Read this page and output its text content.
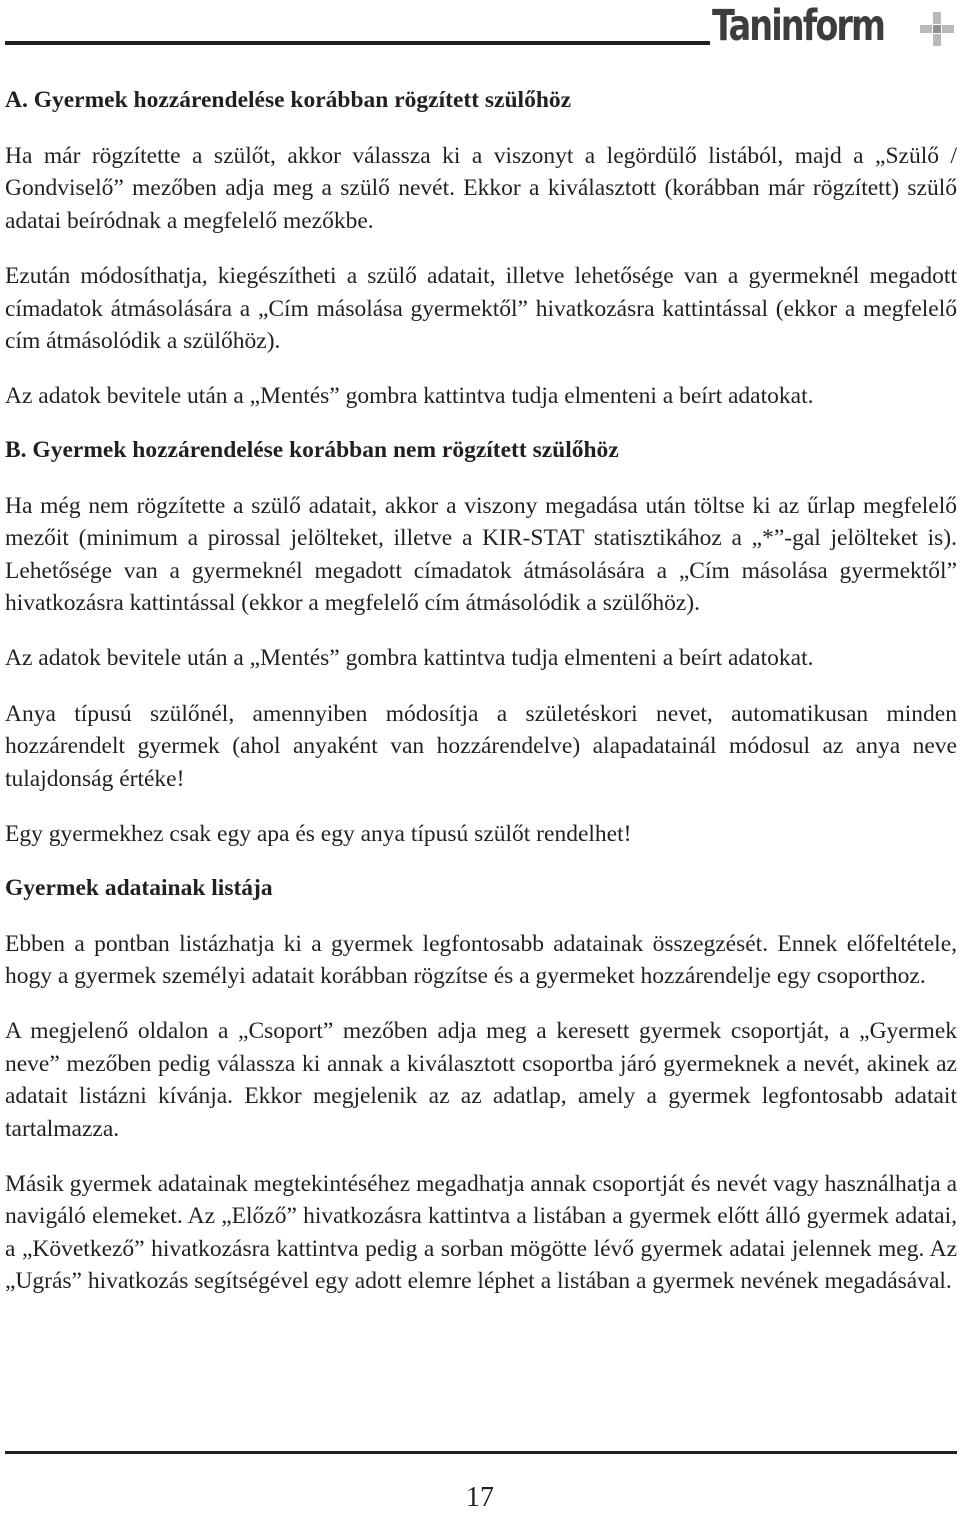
Taninform
A. Gyermek hozzárendelése korábban rögzített szülőhöz
Ha már rögzítette a szülőt, akkor válassza ki a viszonyt a legördülő listából, majd a „Szülő / Gondviselő” mezőben adja meg a szülő nevét. Ekkor a kiválasztott (korábban már rögzített) szülő adatai beíródnak a megfelelő mezőkbe.
Ezután módosíthatja, kiegészítheti a szülő adatait, illetve lehetősége van a gyermeknél megadott címadatok átmásolására a „Cím másolása gyermektől” hivatkozásra kattintással (ekkor a megfelelő cím átmásolódik a szülőhöz).
Az adatok bevitele után a „Mentés” gombra kattintva tudja elmenteni a beírt adatokat.
B. Gyermek hozzárendelése korábban nem rögzített szülőhöz
Ha még nem rögzítette a szülő adatait, akkor a viszony megadása után töltse ki az űrlap megfelelő mezőit (minimum a pirossal jelölteket, illetve a KIR-STAT statisztikához a „*”-gal jelölteket is). Lehetősége van a gyermeknél megadott címadatok átmásolására a „Cím másolása gyermektől” hivatkozásra kattintással (ekkor a megfelelő cím átmásolódik a szülőhöz).
Az adatok bevitele után a „Mentés” gombra kattintva tudja elmenteni a beírt adatokat.
Anya típusú szülőnél, amennyiben módosítja a születéskori nevet, automatikusan minden hozzárendelt gyermek (ahol anyaként van hozzárendelve) alapadatainál módosul az anya neve tulajdonság értéke!
Egy gyermekhez csak egy apa és egy anya típusú szülőt rendelhet!
Gyermek adatainak listája
Ebben a pontban listázhatja ki a gyermek legfontosabb adatainak összegzését. Ennek előfeltétele, hogy a gyermek személyi adatait korábban rögzítse és a gyermeket hozzárendelje egy csoporthoz.
A megjelenő oldalon a „Csoport” mezőben adja meg a keresett gyermek csoportját, a „Gyermek neve” mezőben pedig válassza ki annak a kiválasztott csoportba járó gyermeknek a nevét, akinek az adatait listázni kívánja. Ekkor megjelenik az az adatlap, amely a gyermek legfontosabb adatait tartalmazza.
Másik gyermek adatainak megtekintéséhez megadhatja annak csoportját és nevét vagy használhatja a navigáló elemeket. Az „Előző” hivatkozásra kattintva a listában a gyermek előtt álló gyermek adatai, a „Következő” hivatkozásra kattintva pedig a sorban mögötte lévő gyermek adatai jelennek meg. Az „Ugrás” hivatkozás segítségével egy adott elemre léphet a listában a gyermek nevének megadásával.
17
